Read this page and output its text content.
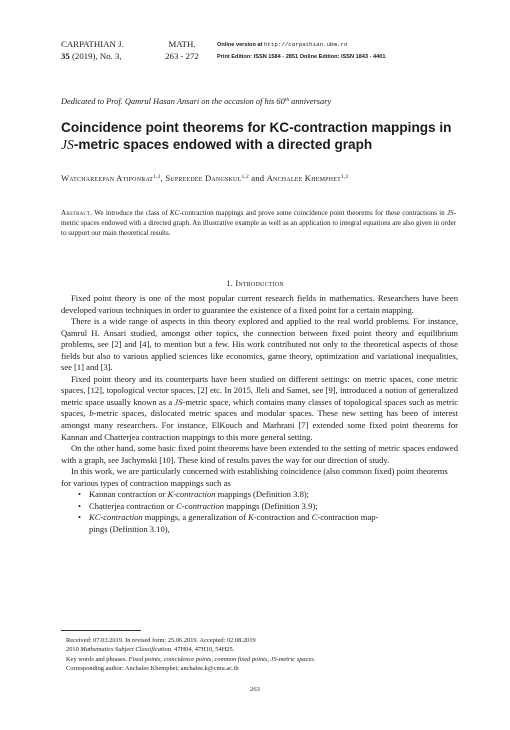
CARPATHIAN J.
35 (2019), No. 3,
MATH.
263 - 272
Online version at http://carpathian.ubm.ro
Print Edition: ISSN 1584 - 2851 Online Edition: ISSN 1843 - 4401
Dedicated to Prof. Qamrul Hasan Ansari on the occasion of his 60th anniversary
Coincidence point theorems for KC-contraction mappings in JS-metric spaces endowed with a directed graph
Watchareepan Atiponrat$^{1,2}$, Supreedee Dangskul$^{1,2}$ and Anchalee Khemphet$^{1,2}$
Abstract. We introduce the class of KC-contraction mappings and prove some coincidence point theorems for these contractions in JS-metric spaces endowed with a directed graph. An illustrative example as well as an application to integral equations are also given in order to support our main theoretical results.
1. Introduction

Fixed point theory is one of the most popular current research fields in mathematics. Researchers have been developed various techniques in order to guarantee the existence of a fixed point for a certain mapping.

There is a wide range of aspects in this theory explored and applied to the real world problems. For instance, Qamrul H. Ansari studied, amongst other topics, the connection between fixed point theory and equilibrium problems, see [2] and [4], to mention but a few. His work contributed not only to the theoretical aspects of those fields but also to various applied sciences like economics, game theory, optimization and variational inequalities, see [1] and [3].

Fixed point theory and its counterparts have been studied on different settings: on metric spaces, cone metric spaces, [12], topological vector spaces, [2] etc. In 2015, Jleli and Samet, see [9], introduced a notion of generalized metric space usually known as a JS-metric space, which contains many classes of topological spaces such as metric spaces, b-metric spaces, dislocated metric spaces and modular spaces. These new setting has been of interest amongst many researchers. For instance, ElKouch and Marhrani [7] extended some fixed point theorems for Kannan and Chatterjea contraction mappings to this more general setting.

On the other hand, some basic fixed point theorems have been extended to the setting of metric spaces endowed with a graph, see Jachymski [10]. These kind of results paves the way for our direction of study.

In this work, we are particularly concerned with establishing coincidence (also common fixed) point theorems for various types of contraction mappings such as

• Kannan contraction or K-contraction mappings (Definition 3.8);
• Chatterjea contraction or C-contraction mappings (Definition 3.9);
• KC-contraction mappings, a generalization of K-contraction and C-contraction map-
pings (Definition 3.10),
Received: 07.03.2019. In revised form: 25.06.2019. Accepted: 02.08.2019
2010 Mathematics Subject Classification. 47H04, 47H10, 54H25.
Key words and phrases. Fixed points, coincidence points, common fixed points, JS-metric spaces.
Corresponding author: Anchalee Khemphet; anchalee.k@cmu.ac.th
263
